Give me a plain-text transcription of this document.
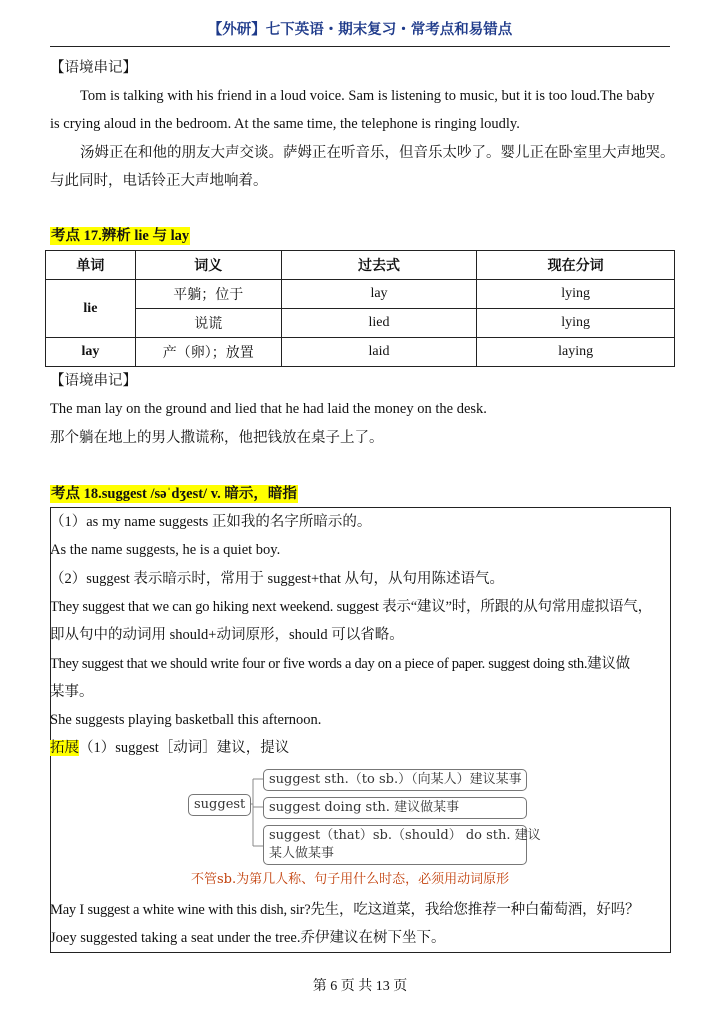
【外研】七下英语・期末复习・常考点和易错点
【语境串记】
Tom is talking with his friend in a loud voice. Sam is listening to music, but it is too loud.The baby
is crying aloud in the bedroom. At the same time, the telephone is ringing loudly.
汤姆正在和他的朋友大声交谈。萨姆正在听音乐，但音乐太吵了。婴儿正在卧室里大声地哭。
与此同时，电话铃正大声地响着。
考点 17.辨析 lie 与 lay
单词	词义	过去式	现在分词
lie	平躺；位于	lay	lying
	说谎	lied	lying
lay	产（卵）；放置	laid	laying
【语境串记】
The man lay on the ground and lied that he had laid the money on the desk.
那个躺在地上的男人撒谎称，他把钱放在桌子上了。
考点 18.suggest /səˈdʒest/ v. 暗示，暗指
（1）as my name suggests 正如我的名字所暗示的。
As the name suggests, he is a quiet boy.
（2）suggest 表示暗示时，常用于 suggest+that 从句，从句用陈述语气。
They suggest that we can go hiking next weekend. suggest 表示“建议”时，所跟的从句常用虚拟语气，
即从句中的动词用 should+动词原形，should 可以省略。
They suggest that we should write four or five words a day on a piece of paper. suggest doing sth.建议做
某事。
She suggests playing basketball this afternoon.
拓展（1）suggest［动词］建议，提议
suggest
suggest sth.（to sb.）（向某人）建议某事
suggest doing sth. 建议做某事
suggest（that）sb.（should） do sth. 建议
某人做某事
不管sb.为第几人称、句子用什么时态，必须用动词原形
May I suggest a white wine with this dish, sir?先生，吃这道菜，我给您推荐一种白葡萄酒，好吗？
Joey suggested taking a seat under the tree.乔伊建议在树下坐下。
第 6 页 共 13 页
